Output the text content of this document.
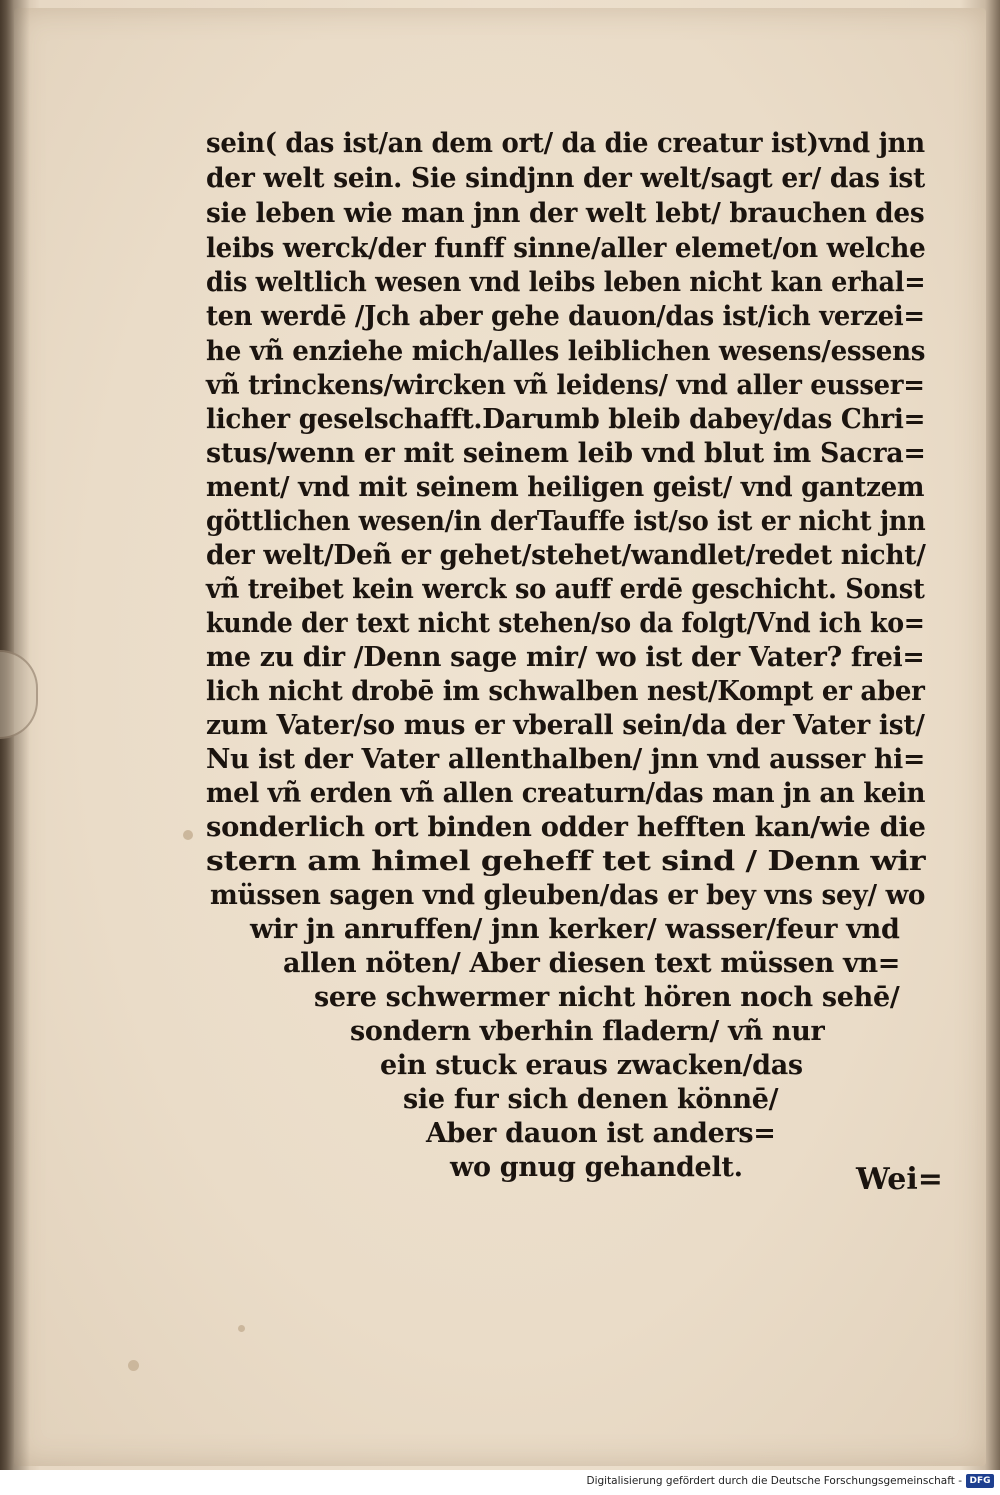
sein( das ist/an dem ort/ da die creatur ist)vnd jnn
der welt sein. Sie sindjnn der welt/sagt er/ das ist
sie leben wie man jnn der welt lebt/ brauchen des
leibs werck/der funff sinne/aller elemet/on welche
dis weltlich wesen vnd leibs leben nicht kan erhal=
ten werdē /Jch aber gehe dauon/das ist/ich verzei=
he vñ enziehe mich/alles leiblichen wesens/essens
vñ trinckens/wircken vñ leidens/ vnd aller eusser=
licher geselschafft.Darumb bleib dabey/das Chri=
stus/wenn er mit seinem leib vnd blut im Sacra=
ment/ vnd mit seinem heiligen geist/ vnd gantzem
göttlichen wesen/in derTauffe ist/so ist er nicht jnn
der welt/Deñ er gehet/stehet/wandlet/redet nicht/
vñ treibet kein werck so auff erdē geschicht. Sonst
kunde der text nicht stehen/so da folgt/Vnd ich ko=
me zu dir /Denn sage mir/ wo ist der Vater? frei=
lich nicht drobē im schwalben nest/Kompt er aber
zum Vater/so mus er vberall sein/da der Vater ist/
Nu ist der Vater allenthalben/ jnn vnd ausser hi=
mel vñ erden vñ allen creaturn/das man jn an kein
sonderlich ort binden odder hefften kan/wie die
stern am himel geheff tet sind / Denn wir
müssen sagen vnd gleuben/das er bey vns sey/ wo
wir jn anruffen/ jnn kerker/ wasser/feur vnd
allen nöten/ Aber diesen text müssen vn=
sere schwermer nicht hören noch sehē/
sondern vberhin fladern/ vñ nur
ein stuck eraus zwacken/das
sie fur sich denen könnē/
Aber dauon ist anders=
wo gnug gehandelt.	Wei=
Digitalisierung gefördert durch die Deutsche Forschungsgemeinschaft - DFG
